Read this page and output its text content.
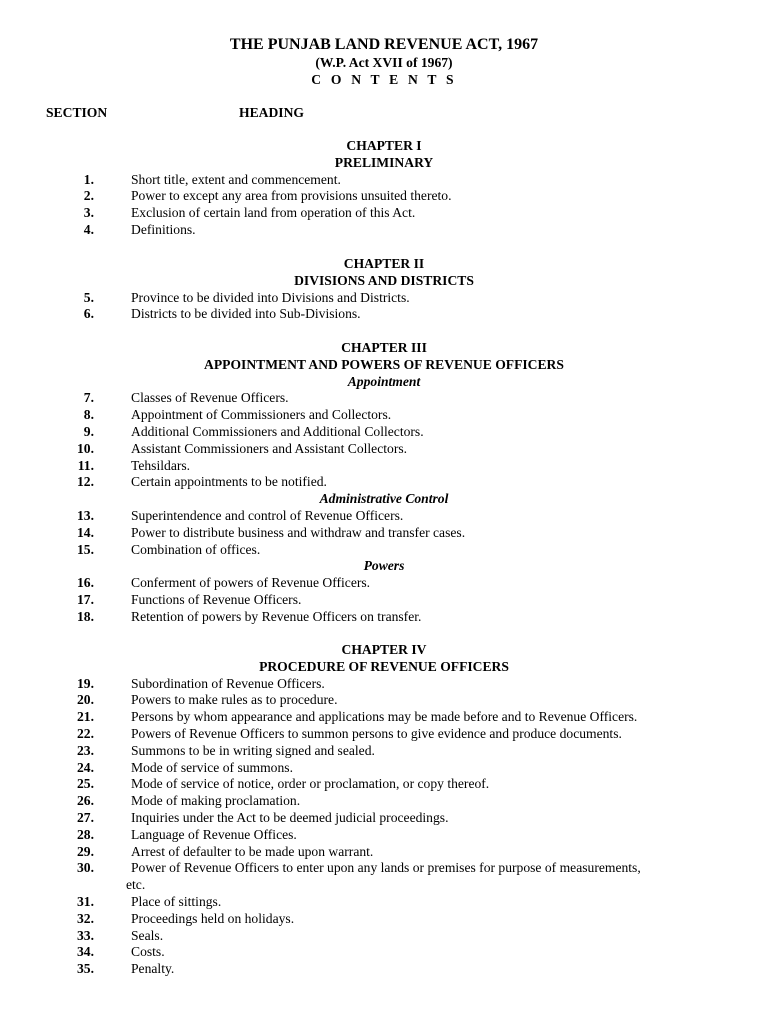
THE PUNJAB LAND REVENUE ACT, 1967
(W.P. Act XVII of 1967)
C O N T E N T S
SECTION	HEADING
CHAPTER I
PRELIMINARY
1.	Short title, extent and commencement.
2.	Power to except any area from provisions unsuited thereto.
3.	Exclusion of certain land from operation of this Act.
4.	Definitions.
CHAPTER II
DIVISIONS AND DISTRICTS
5.	Province to be divided into Divisions and Districts.
6.	Districts to be divided into Sub-Divisions.
CHAPTER III
APPOINTMENT AND POWERS OF REVENUE OFFICERS
Appointment
7.	Classes of Revenue Officers.
8.	Appointment of Commissioners and Collectors.
9.	Additional Commissioners and Additional Collectors.
10.	Assistant Commissioners and Assistant Collectors.
11.	Tehsildars.
12.	Certain appointments to be notified.
Administrative Control
13.	Superintendence and control of Revenue Officers.
14.	Power to distribute business and withdraw and transfer cases.
15.	Combination of offices.
Powers
16.	Conferment of powers of Revenue Officers.
17.	Functions of Revenue Officers.
18.	Retention of powers by Revenue Officers on transfer.
CHAPTER IV
PROCEDURE OF REVENUE OFFICERS
19.	Subordination of Revenue Officers.
20.	Powers to make rules as to procedure.
21.	Persons by whom appearance and applications may be made before and to Revenue Officers.
22.	Powers of Revenue Officers to summon persons to give evidence and produce documents.
23.	Summons to be in writing signed and sealed.
24.	Mode of service of summons.
25.	Mode of service of notice, order or proclamation, or copy thereof.
26.	Mode of making proclamation.
27.	Inquiries under the Act to be deemed judicial proceedings.
28.	Language of Revenue Offices.
29.	Arrest of defaulter to be made upon warrant.
30.	Power of Revenue Officers to enter upon any lands or premises for purpose of measurements,
etc.
31.	Place of sittings.
32.	Proceedings held on holidays.
33.	Seals.
34.	Costs.
35.	Penalty.
